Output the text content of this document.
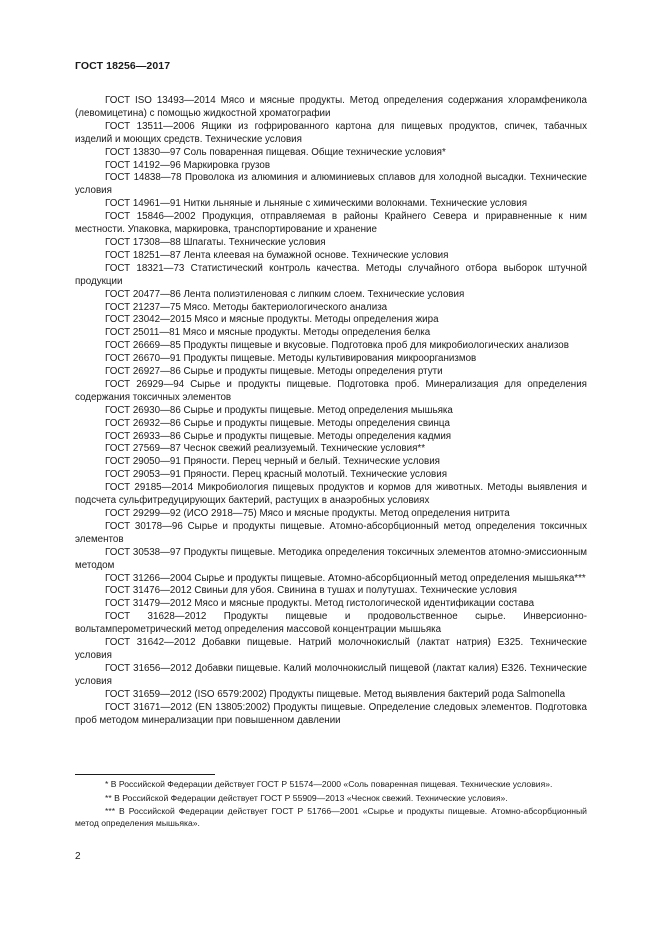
ГОСТ 18256—2017

ГОСТ ISO 13493—2014 Мясо и мясные продукты. Метод определения содержания хлорамфеникола (левомицетина) с помощью жидкостной хроматографии

ГОСТ 13511—2006 Ящики из гофрированного картона для пищевых продуктов, спичек, табачных изделий и моющих средств. Технические условия

ГОСТ 13830—97 Соль поваренная пищевая. Общие технические условия*

ГОСТ 14192—96 Маркировка грузов

ГОСТ 14838—78 Проволока из алюминия и алюминиевых сплавов для холодной высадки. Технические условия

ГОСТ 14961—91 Нитки льняные и льняные с химическими волокнами. Технические условия

ГОСТ 15846—2002 Продукция, отправляемая в районы Крайнего Севера и приравненные к ним местности. Упаковка, маркировка, транспортирование и хранение

ГОСТ 17308—88 Шпагаты. Технические условия

ГОСТ 18251—87 Лента клеевая на бумажной основе. Технические условия

ГОСТ 18321—73 Статистический контроль качества. Методы случайного отбора выборок штучной продукции

ГОСТ 20477—86 Лента полиэтиленовая с липким слоем. Технические условия

ГОСТ 21237—75 Мясо. Методы бактериологического анализа

ГОСТ 23042—2015 Мясо и мясные продукты. Методы определения жира

ГОСТ 25011—81 Мясо и мясные продукты. Методы определения белка

ГОСТ 26669—85 Продукты пищевые и вкусовые. Подготовка проб для микробиологических анализов

ГОСТ 26670—91 Продукты пищевые. Методы культивирования микроорганизмов

ГОСТ 26927—86 Сырье и продукты пищевые. Методы определения ртути

ГОСТ 26929—94 Сырье и продукты пищевые. Подготовка проб. Минерализация для определения содержания токсичных элементов

ГОСТ 26930—86 Сырье и продукты пищевые. Метод определения мышьяка

ГОСТ 26932—86 Сырье и продукты пищевые. Методы определения свинца

ГОСТ 26933—86 Сырье и продукты пищевые. Методы определения кадмия

ГОСТ 27569—87 Чеснок свежий реализуемый. Технические условия**

ГОСТ 29050—91 Пряности. Перец черный и белый. Технические условия

ГОСТ 29053—91 Пряности. Перец красный молотый. Технические условия

ГОСТ 29185—2014 Микробиология пищевых продуктов и кормов для животных. Методы выявления и подсчета сульфитредуцирующих бактерий, растущих в анаэробных условиях

ГОСТ 29299—92 (ИСО 2918—75) Мясо и мясные продукты. Метод определения нитрита

ГОСТ 30178—96 Сырье и продукты пищевые. Атомно-абсорбционный метод определения токсичных элементов

ГОСТ 30538—97 Продукты пищевые. Методика определения токсичных элементов атомно-эмиссионным методом

ГОСТ 31266—2004 Сырье и продукты пищевые. Атомно-абсорбционный метод определения мышьяка***

ГОСТ 31476—2012 Свиньи для убоя. Свинина в тушах и полутушах. Технические условия

ГОСТ 31479—2012 Мясо и мясные продукты. Метод гистологической идентификации состава

ГОСТ 31628—2012 Продукты пищевые и продовольственное сырье. Инверсионно-вольтамперометрический метод определения массовой концентрации мышьяка

ГОСТ 31642—2012 Добавки пищевые. Натрий молочнокислый (лактат натрия) Е325. Технические условия

ГОСТ 31656—2012 Добавки пищевые. Калий молочнокислый пищевой (лактат калия) Е326. Технические условия

ГОСТ 31659—2012 (ISO 6579:2002) Продукты пищевые. Метод выявления бактерий рода Salmonella

ГОСТ 31671—2012 (EN 13805:2002) Продукты пищевые. Определение следовых элементов. Подготовка проб методом минерализации при повышенном давлении

* В Российской Федерации действует ГОСТ Р 51574—2000 «Соль поваренная пищевая. Технические условия».

** В Российской Федерации действует ГОСТ Р 55909—2013 «Чеснок свежий. Технические условия».

*** В Российской Федерации действует ГОСТ Р 51766—2001 «Сырье и продукты пищевые. Атомно-абсорбционный метод определения мышьяка».

2
